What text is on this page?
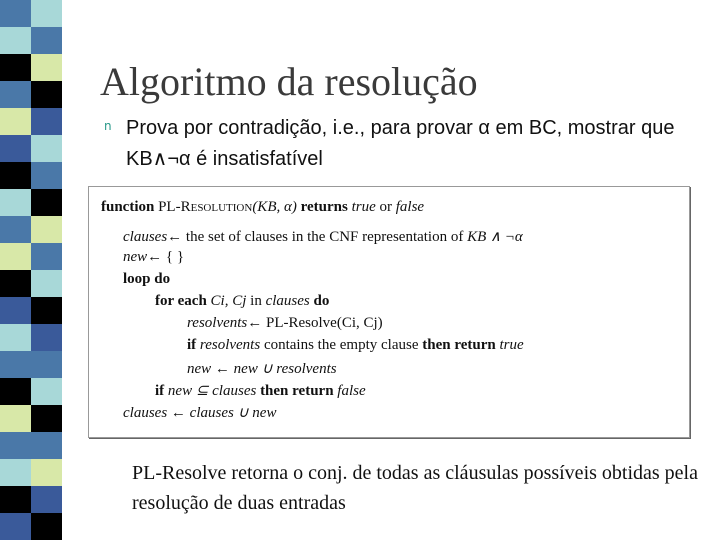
Algoritmo da resolução
n Prova por contradição, i.e., para provar α em BC, mostrar que KB∧¬α é insatisfatível
function PL-Resolution(KB, α) returns true or false
clauses← the set of clauses in the CNF representation of KB ∧ ¬α
new← { }
loop do
for each Ci, Cj in clauses do
resolvents← PL-Resolve(Ci, Cj)
if resolvents contains the empty clause then return true
new ← new ∪ resolvents
if new ⊆ clauses then return false
clauses ← clauses ∪ new
PL-Resolve retorna o conj. de todas as cláusulas possíveis obtidas pela resolução de duas entradas
